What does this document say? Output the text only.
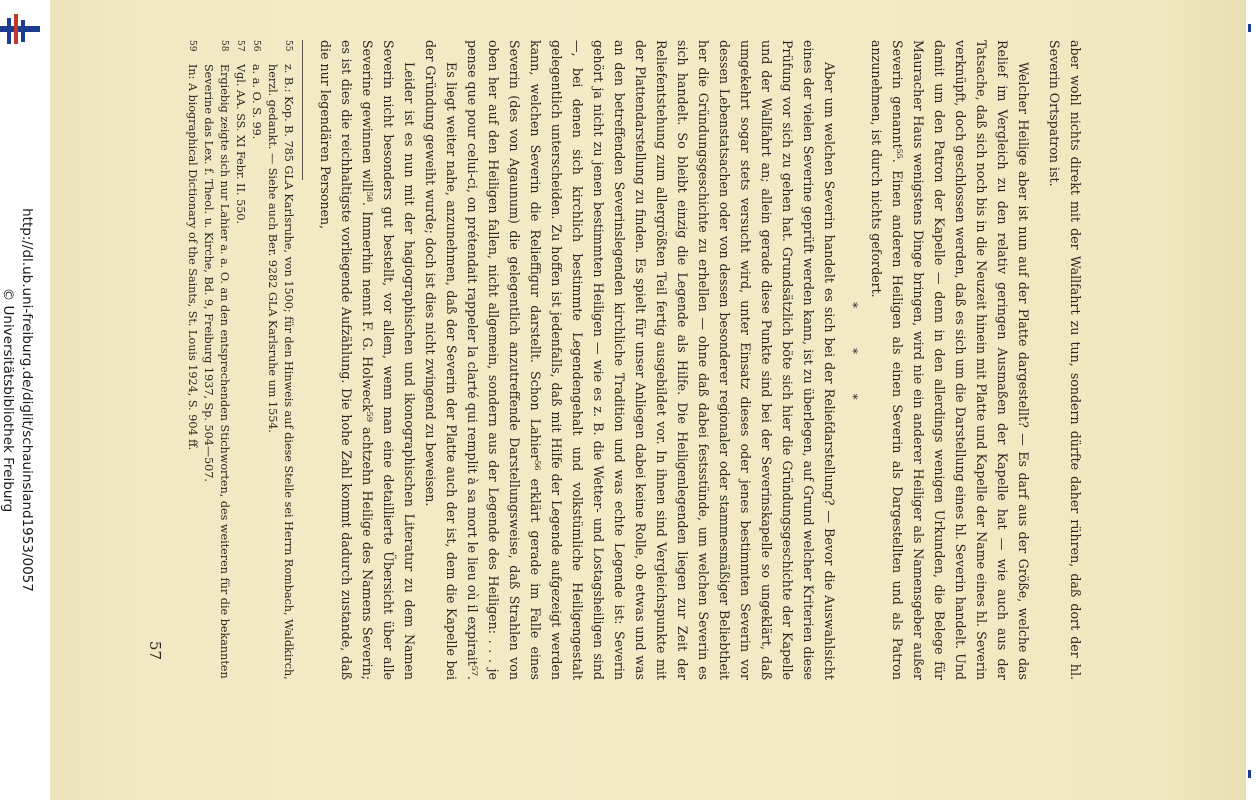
http://dl.ub.uni-freiburg.de/diglit/schauinsland1953/0057
© Universitätsbibliothek Freiburg	aber wohl nichts direkt mit der Wallfahrt zu tun, sondern dürfte daher rühren, daß dort der hl. Severin Ortspatron ist.

Welcher Heilige aber ist nun auf der Platte dargestellt? — Es darf aus der Größe, welche das Relief im Vergleich zu den relativ geringen Ausmaßen der Kapelle hat — wie auch aus der Tatsache, daß sich noch bis in die Neuzeit hinein mit Platte und Kapelle der Name eines hl. Severin verknüpft, doch geschlossen werden, daß es sich um die Darstellung eines hl. Severin handelt. Und damit um den Patron der Kapelle — denn in den allerdings wenigen Urkunden, die Belege für Mauracher Haus wenigstens Dinge bringen, wird nie ein anderer Heiliger als Namensgeber außer Severin genannt⁵⁵. Einen anderen Heiligen als einen Severin als Dargestellten und als Patron anzunehmen, ist durch nichts gefordert.

* * *

Aber um welchen Severin handelt es sich bei der Reliefdarstellung? — Bevor die Auswahlsicht eines der vielen Severine geprüft werden kann, ist zu überlegen, auf Grund welcher Kriterien diese Prüfung vor sich zu gehen hat. Grundsätzlich böte sich hier die Gründungsgeschichte der Kapelle und der Wallfahrt an; allein gerade diese Punkte sind bei der Severinskapelle so ungeklärt, daß umgekehrt sogar stets versucht wird, unter Einsatz dieses oder jenes bestimmten Severin vor dessen Lebenstatsachen oder von dessen besonderer regionaler oder stammesmäßiger Beliebtheit her die Gründungsgeschichte zu erhellen — ohne daß dabei festsstünde, um welchen Severin es sich handelt. So bleibt einzig die Legende als Hilfe. Die Heiligenlegenden liegen zur Zeit der Reliefentstehung zum allergrößten Teil fertig ausgebildet vor. In ihnen sind Vergleichspunkte mit der Plattendarstellung zu finden. Es spielt für unser Anliegen dabei keine Rolle, ob etwas und was an den betreffenden Severinslegenden kirchliche Tradition und was echte Legende ist: Severin gehört ja nicht zu jenen bestimmten Heiligen — wie es z. B. die Wetter- und Lostagsheiligen sind —, bei denen sich kirchlich bestimmte Legendengehalt und volkstümliche Heiligengestalt gelegentlich unterscheiden. Zu hoffen ist jedenfalls, daß mit Hilfe der Legende aufgezeigt werden kann, welchen Severin die Relieffigur darstellt. Schon Lahier⁵⁶ erklärt gerade im Falle eines Severin (des von Agaunum) die gelegentlich anzutreffende Darstellungsweise, daß Strahlen von oben her auf den Heiligen fallen, nicht allgemein, sondern aus der Legende des Heiligen: . . . je pense que pour celui-ci, on prétendait rappeler la clarté qui remplit à sa mort le lieu où il expirait⁵⁷.

Es liegt weiter nahe, anzunehmen, daß der Severin der Platte auch der ist, dem die Kapelle bei der Gründung geweiht wurde; doch ist dies nicht zwingend zu beweisen.

Leider ist es nun mit der hagiographischen und ikonographischen Literatur zu dem Namen Severin nicht besonders gut bestellt, vor allem, wenn man eine detaillierte Übersicht über alle Severine gewinnen will⁵⁸. Immerhin nennt F. G. Holweck⁵⁹ achtzehn Heilige des Namens Severin; es ist dies die reichhaltigste vorliegende Aufzählung. Die hohe Zahl kommt dadurch zustande, daß die nur legendären Personen,

55
z. B.: Kop. B. 785 GLA Karlsruhe, von 1500; für den Hinweis auf diese Stelle sei Herrn Rombach, Waldkirch, herzl. gedankt. — Siehe auch Ber. 9282 GLA Karlsruhe um 1554.
56
a. a. O. S. 99.
57
Vgl. AA. SS. XI Febr. II. 550.
58
Ergiebig zeigte sich nur Lahier a. a. O. an den entsprechenden Stichworten, des weiteren für die bekannten Severine das Lex. f. Theol. u. Kirche, Bd. 9, Freiburg 1937, Sp. 504—507.
59
In: A biographical Dictionary of the Saints, St. Louis 1924, S. 904 ff.
57
